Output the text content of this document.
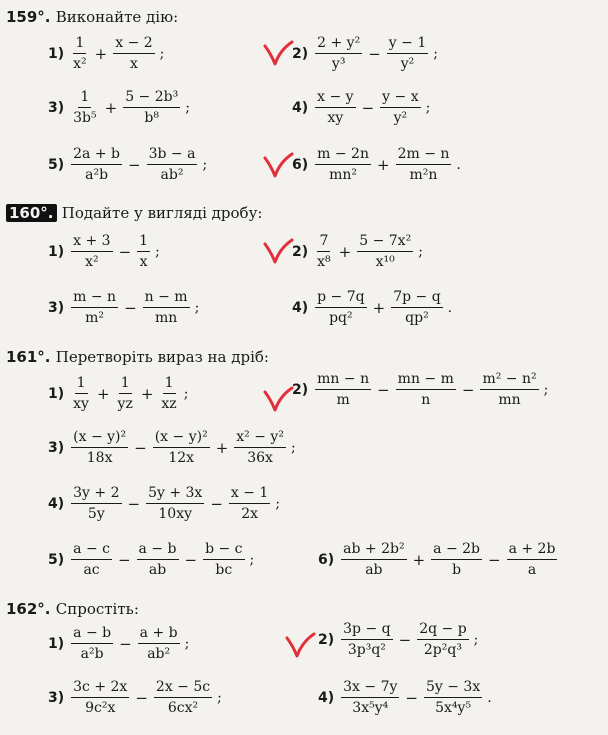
159°. Виконайте дію:
160°. Подайте у вигляді дробу:
161°. Перетворіть вираз на дріб:
162°. Спростіть:
$1) \frac{1}{\text{x²}} + \frac{x - 2}{x}$ ;	$2) \frac{\text{2 + y²}}{\text{y³}} - \frac{y - 1}{\text{y²}}$ ;
$3) \frac{1}{\text{3b⁵}} + \frac{\text{5 − 2b³}}{\text{b⁸}}$ ;	$4) \frac{x - y}{xy} - \frac{y - x}{\text{y²}}$ ;
$5) \frac{2a + b}{\text{a²b}} - \frac{3b - a}{\text{ab²}}$ ;	$6) \frac{m - 2n}{\text{mn²}} + \frac{2m - n}{\text{m²n}}$ .
$1) \frac{x + 3}{\text{x²}} - \frac{1}{x}$ ;	$2) \frac{7}{\text{x⁸}} + \frac{\text{5 − 7x²}}{\text{x¹⁰}}$ ;
$3) \frac{m - n}{\text{m²}} - \frac{n - m}{mn}$ ;	$4) \frac{p - 7q}{\text{pq²}} + \frac{7p - q}{\text{qp²}}$ .
$1) \frac{1}{xy} + \frac{1}{yz} + \frac{1}{xz}$ ;	$2) \frac{mn - n}{m} - \frac{mn - m}{n} - \frac{\text{m² − n²}}{mn}$ ;
$3) \frac{\text{(x − y)²}}{18x} - \frac{\text{(x − y)²}}{12x} + \frac{\text{x² − y²}}{36x}$ ;
$4) \frac{3y + 2}{5y} - \frac{5y + 3x}{10xy} - \frac{x - 1}{2x}$ ;
$5) \frac{a - c}{ac} - \frac{a - b}{ab} - \frac{b - c}{bc}$ ;	$6) \frac{\text{ab + 2b²}}{ab} + \frac{a - 2b}{b} - \frac{a + 2b}{a}$
$1) \frac{a - b}{\text{a²b}} - \frac{a + b}{\text{ab²}}$ ;	$2) \frac{3p - q}{\text{3p³q²}} - \frac{2q - p}{\text{2p²q³}}$ ;
$3) \frac{3c + 2x}{\text{9c²x}} - \frac{2x - 5c}{\text{6cx²}}$ ;	$4) \frac{3x - 7y}{\text{3x⁵y⁴}} - \frac{5y - 3x}{\text{5x⁴y⁵}}$ .
